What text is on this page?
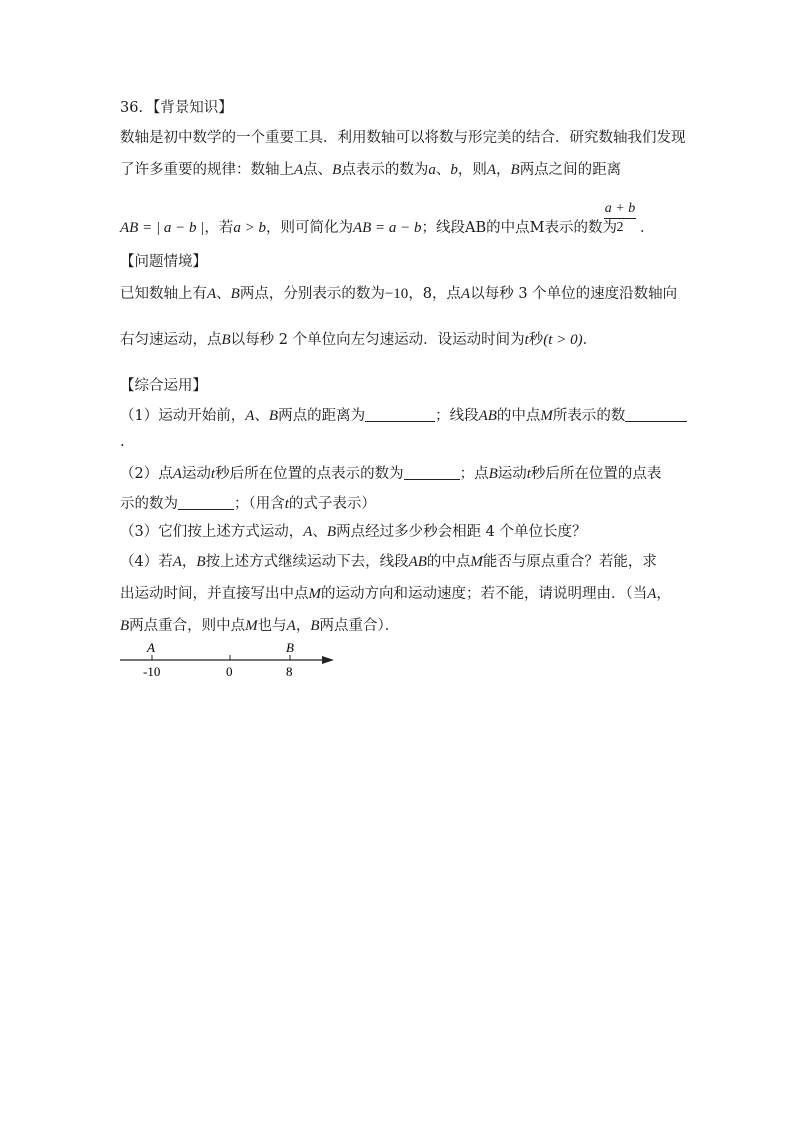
36．【背景知识】
数轴是初中数学的一个重要工具．利用数轴可以将数与形完美的结合．研究数轴我们发现
了许多重要的规律：数轴上A点、B点表示的数为a、b，则A，B两点之间的距离
AB = | a − b |，若a > b，则可简化为AB = a − b；线段AB的中点M表示的数为
$\frac{a + b}{2}$ ．
【问题情境】
已知数轴上有A、B两点，分别表示的数为−10，8，点A以每秒 3 个单位的速度沿数轴向
右匀速运动，点B以每秒 2 个单位向左匀速运动．设运动时间为t秒(t > 0)．
【综合运用】
（1）运动开始前，A、B两点的距离为	；线段AB的中点M所表示的数
.
（2）点A运动t秒后所在位置的点表示的数为	；点B运动t秒后所在位置的点表
示的数为	；（用含t的式子表示）
（3）它们按上述方式运动，A、B两点经过多少秒会相距 4 个单位长度？
（4）若A，B按上述方式继续运动下去，线段AB的中点M能否与原点重合？若能，求
出运动时间，并直接写出中点M的运动方向和运动速度；若不能，请说明理由．（当A，
B两点重合，则中点M也与A，B两点重合）．
A	B
-10	0	8
